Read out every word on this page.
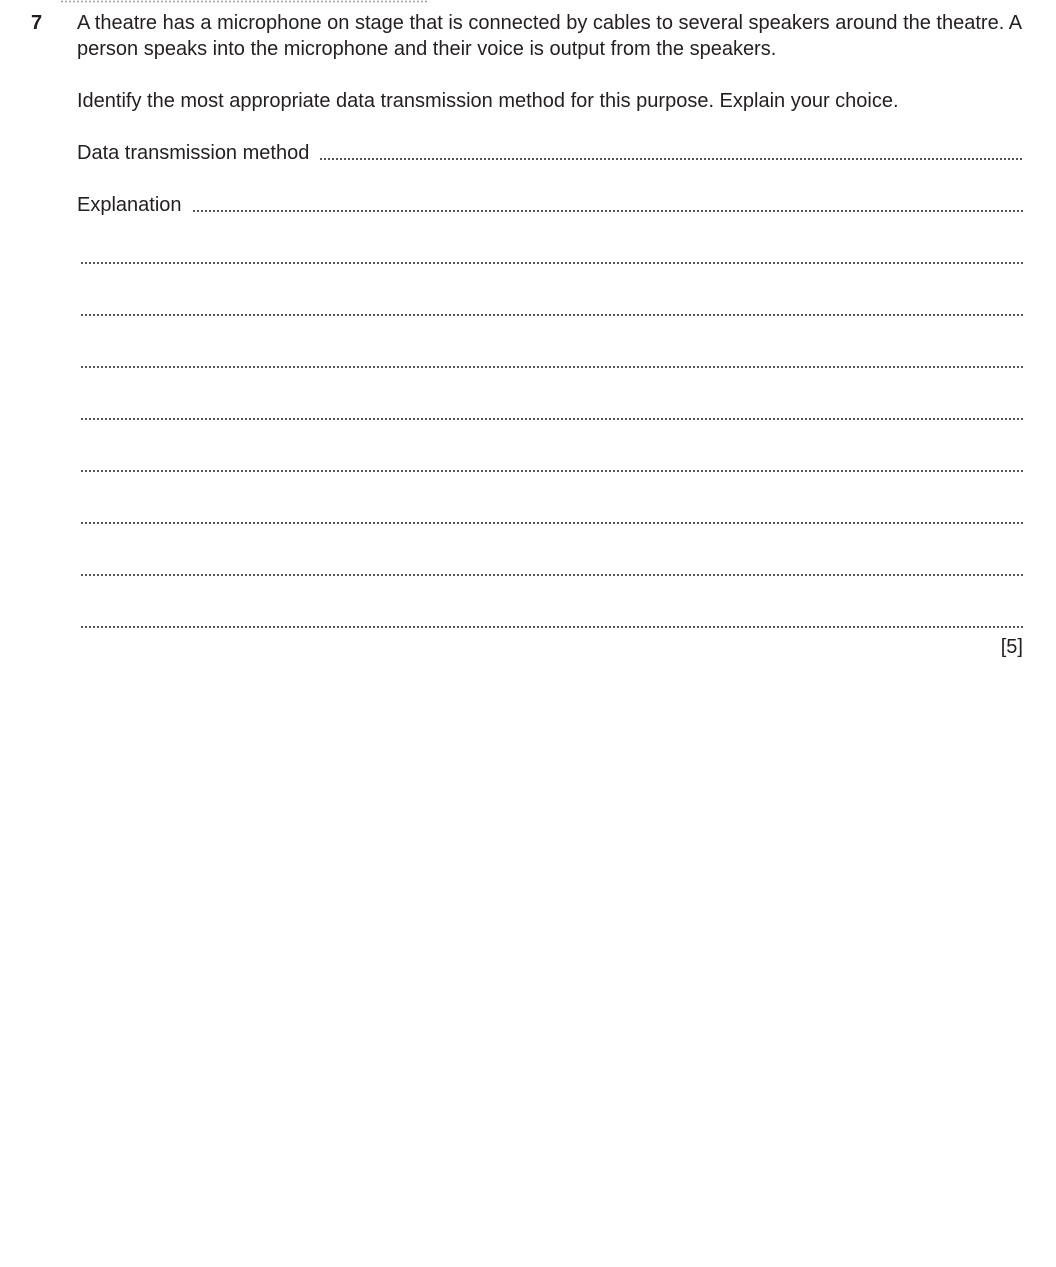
7 A theatre has a microphone on stage that is connected by cables to several speakers around the theatre. A person speaks into the microphone and their voice is output from the speakers.

Identify the most appropriate data transmission method for this purpose. Explain your choice.

Data transmission method
Explanation
[5]
